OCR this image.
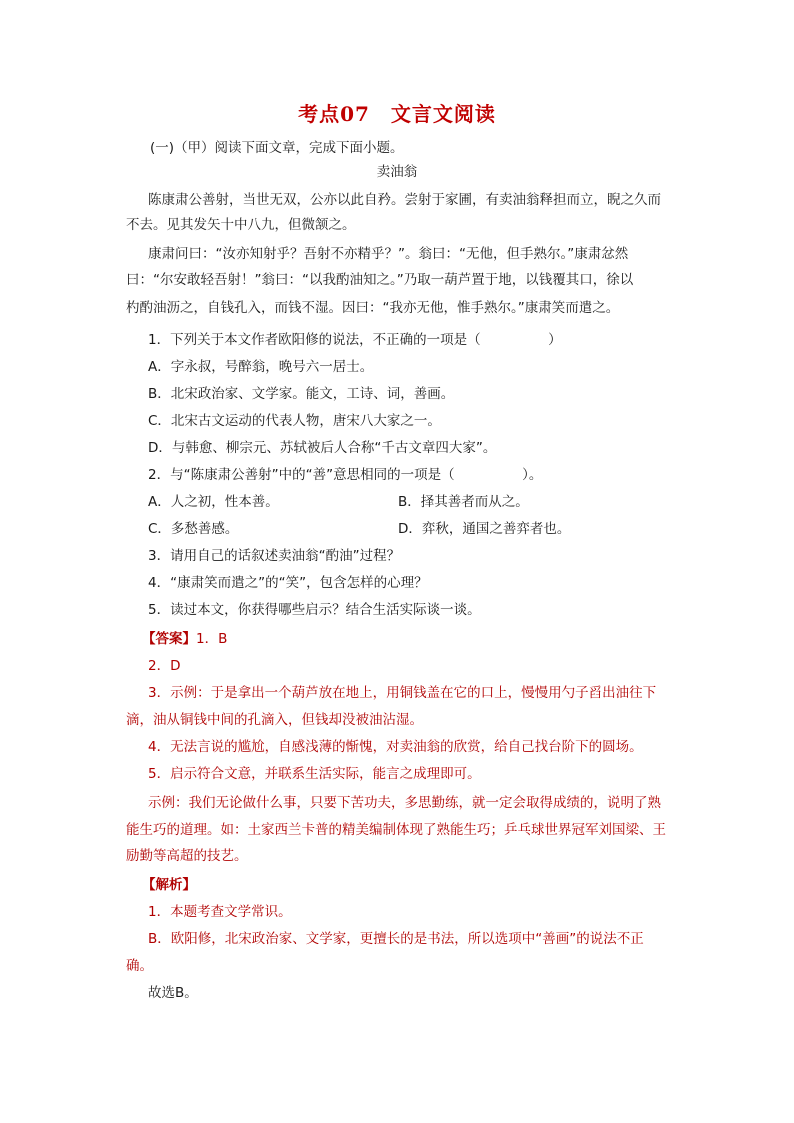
考点07　文言文阅读
(一)（甲）阅读下面文章，完成下面小题。
卖油翁
陈康肃公善射，当世无双，公亦以此自矜。尝射于家圃，有卖油翁释担而立，睨之久而
不去。见其发矢十中八九，但微颔之。
康肃问曰：“汝亦知射乎？吾射不亦精乎？”。翁曰：“无他，但手熟尔。”康肃忿然
曰：“尔安敢轻吾射！”翁曰：“以我酌油知之。”乃取一葫芦置于地，以钱覆其口，徐以
杓酌油沥之，自钱孔入，而钱不湿。因曰：“我亦无他，惟手熟尔。”康肃笑而遣之。
1．下列关于本文作者欧阳修的说法，不正确的一项是（　　　　　）
A．字永叔，号醉翁，晚号六一居士。
B．北宋政治家、文学家。能文，工诗、词，善画。
C．北宋古文运动的代表人物，唐宋八大家之一。
D．与韩愈、柳宗元、苏轼被后人合称“千古文章四大家”。
2．与“陈康肃公善射”中的“善”意思相同的一项是（　　　　　）。
A．人之初，性本善。	B．择其善者而从之。
C．多愁善感。	D．弈秋，通国之善弈者也。
3．请用自己的话叙述卖油翁“酌油”过程？
4．“康肃笑而遣之”的“笑”，包含怎样的心理？
5．读过本文，你获得哪些启示？结合生活实际谈一谈。
【答案】1．B
2．D
3．示例：于是拿出一个葫芦放在地上，用铜钱盖在它的口上，慢慢用勺子舀出油往下
滴，油从铜钱中间的孔滴入，但钱却没被油沾湿。
4．无法言说的尴尬，自感浅薄的惭愧，对卖油翁的欣赏，给自己找台阶下的圆场。
5．启示符合文意，并联系生活实际，能言之成理即可。
示例：我们无论做什么事，只要下苦功夫，多思勤练，就一定会取得成绩的，说明了熟
能生巧的道理。如：土家西兰卡普的精美编制体现了熟能生巧；乒乓球世界冠军刘国梁、王
励勤等高超的技艺。
【解析】
1．本题考查文学常识。
B．欧阳修，北宋政治家、文学家，更擅长的是书法，所以选项中“善画”的说法不正
确。
故选B。
